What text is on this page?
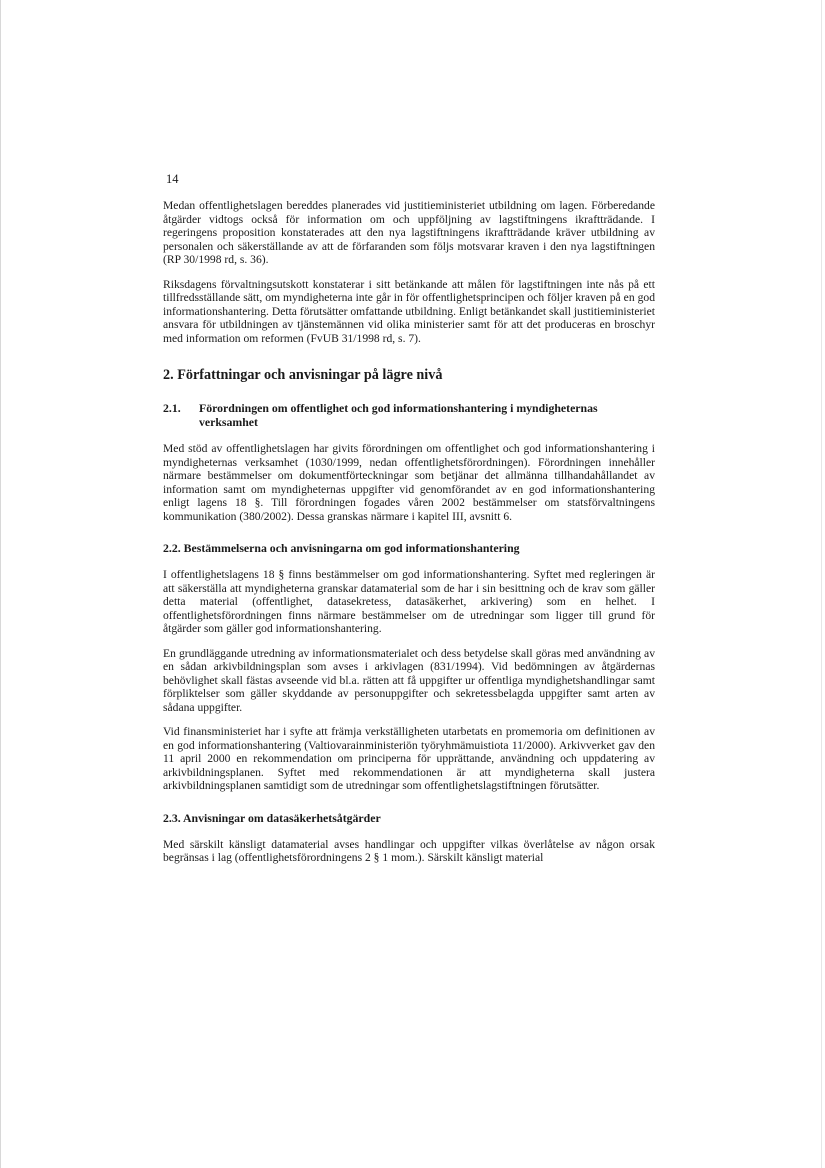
14

Medan offentlighetslagen bereddes planerades vid justitieministeriet utbildning om lagen. Förberedande åtgärder vidtogs också för information om och uppföljning av lagstiftningens ikraftträdande. I regeringens proposition konstaterades att den nya lagstiftningens ikraftträdande kräver utbildning av personalen och säkerställande av att de förfaranden som följs motsvarar kraven i den nya lagstiftningen (RP 30/1998 rd, s. 36).

Riksdagens förvaltningsutskott konstaterar i sitt betänkande att målen för lagstiftningen inte nås på ett tillfredsställande sätt, om myndigheterna inte går in för offentlighetsprincipen och följer kraven på en god informationshantering. Detta förutsätter omfattande utbildning. Enligt betänkandet skall justitieministeriet ansvara för utbildningen av tjänstemännen vid olika ministerier samt för att det produceras en broschyr med information om reformen (FvUB 31/1998 rd, s. 7).

2. Författningar och anvisningar på lägre nivå
2.1.	Förordningen om offentlighet och god informationshantering i myndigheternas verksamhet

Med stöd av offentlighetslagen har givits förordningen om offentlighet och god informationshantering i myndigheternas verksamhet (1030/1999, nedan offentlighetsförordningen). Förordningen innehåller närmare bestämmelser om dokumentförteckningar som betjänar det allmänna tillhandahållandet av information samt om myndigheternas uppgifter vid genomförandet av en god informationshantering enligt lagens 18 §. Till förordningen fogades våren 2002 bestämmelser om statsförvaltningens kommunikation (380/2002). Dessa granskas närmare i kapitel III, avsnitt 6.

2.2. Bestämmelserna och anvisningarna om god informationshantering

I offentlighetslagens 18 § finns bestämmelser om god informationshantering. Syftet med regleringen är att säkerställa att myndigheterna granskar datamaterial som de har i sin besittning och de krav som gäller detta material (offentlighet, datasekretess, datasäkerhet, arkivering) som en helhet. I offentlighetsförordningen finns närmare bestämmelser om de utredningar som ligger till grund för åtgärder som gäller god informationshantering.

En grundläggande utredning av informationsmaterialet och dess betydelse skall göras med användning av en sådan arkivbildningsplan som avses i arkivlagen (831/1994). Vid bedömningen av åtgärdernas behövlighet skall fästas avseende vid bl.a. rätten att få uppgifter ur offentliga myndighetshandlingar samt förpliktelser som gäller skyddande av personuppgifter och sekretessbelagda uppgifter samt arten av sådana uppgifter.

Vid finansministeriet har i syfte att främja verkställigheten utarbetats en promemoria om definitionen av en god informationshantering (Valtiovarainministeriön työryhmämuistiota 11/2000). Arkivverket gav den 11 april 2000 en rekommendation om principerna för upprättande, användning och uppdatering av arkivbildningsplanen. Syftet med rekommendationen är att myndigheterna skall justera arkivbildningsplanen samtidigt som de utredningar som offentlighetslagstiftningen förutsätter.

2.3. Anvisningar om datasäkerhetsåtgärder

Med särskilt känsligt datamaterial avses handlingar och uppgifter vilkas överlåtelse av någon orsak begränsas i lag (offentlighetsförordningens 2 § 1 mom.). Särskilt känsligt material
